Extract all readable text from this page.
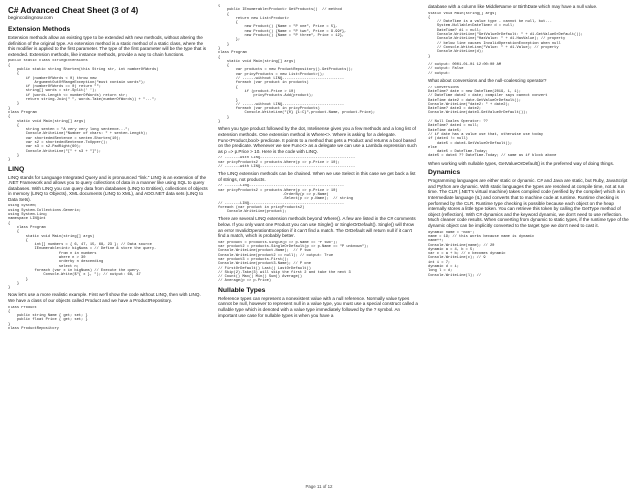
C# Advanced Cheat Sheet (3 of 4)
begincodingnow.com
Extension Methods
Extension methods allow an existing type to be extended with new methods, without altering the definition of the original type. An extension method is a static method of a static class, where the this modifier is applied to the first parameter. The type of the first parameter will be the type that is extended. Extension methods, like instance methods, provide a way to chain functions.
public static class StringExtensions
{
public static string Shorten(this String str, int numberOfWords)
{
if (numberOfWords < 0) throw new
ArgumentOutOfRangeException("must contain words");
if (numberOfWords == 0) return "";
string[] words = str.Split(' ');
if (words.Length <= numberOfWords) return str;
return string.Join(" ", words.Take(numberOfWords)) + "...";
}
}
class Program
{
static void Main(string[] args)
{
string senten = "A very very long sentence...";
Console.WriteLine("Number of chars: " + senten.Length);
var shortededSentence = senten.Shorten(10);
var s2 = shortededSentence.ToUpper();
var s3 = s2.PadRight(60);
Console.WriteLine("[" + s3 + "]");
}
}
LINQ
LINQ stands for Language Integrated Query and is pronounced "link." LINQ is an extension of the .NET Framework and allows you to query collections of data in a manner like using SQL to query databases. With LINQ you can query data from databases (LINQ to Entities), collections of objects in memory (LINQ to Objects), XML documents (LINQ to XML), and ADO.NET data sets (LINQ to Data Sets).
using System;
using System.Collections.Generic;
using System.Linq;
namespace LINQint
{
class Program
{
static void Main(string[] args)
{
int[] numbers = { 6, 47, 15, 68, 23 }; // Data source
IEnumerable<int> bigNums = // Define & store the query.
from n in numbers
where n > 30
orderby n descending
select n;
foreach (var x in bigNums) // Execute the query.
Console.Write($"{ x }, "); // output: 68, 47
}
}
}
Now let's use a more realistic example. First we'll show the code without LINQ, then with LINQ. We have a class of our objects called Product and we have a ProductRepository.
class Product
{
public string Name { get; set; }
public float Price { get; set; }
}
class ProductRepository
{
public IEnumerable<Product> GetProducts()  // method
{
return new List<Product>
{
new Product() {Name = "P one", Price = 5},
new Product() {Name = "P two", Price = 9.99f},
new Product() {Name = "P three", Price = 12},
};
}
}
class Program
{
static void Main(string[] args)
{
var products = new ProductRepository().GetProducts();
var pricyProducts = new List<Product>();
// ------without LINQ----------------------------
foreach (var product in products)
{
if (product.Price > 10)
pricyProducts.Add(product);
}
// ------without LINQ----------------------------
foreach (var product in pricyProducts)
Console.WriteLine("{0} {1:C}",product.Name, product.Price);
}
}
When you type product followed by the dot, Intelisense gives you a few methods and a long list of extension methods. One extension method is Where<>. Where is asking for a delegate. Func<Product,bool> predicate. It points to a method that gets a Product and returns a bool based on the predicate. Whenever we see Func<> as a delegate we can use a Lambda expression such as p => p.Price > 10. Here is the code with LINQ.
// -------with LINQ-------------------------------------------
var pricyProducts2 = products.Where(p => p.Price > 10);
// -------with LINQ-------------------------------------------
The LINQ extension methods can be chained. When we use Select in this case we get back a list of strings, not products.
// -------LINQ-------------------------------------------
var pricyProducts2 = products.Where(p => p.Price > 10)
.OrderBy(p => p.Name)
.Select(p => p.Name);  // string
// -------LINQ-------------------------------------------
foreach (var product in pricyProducts2)
Console.WriteLine(product);
There are several LINQ extension methods beyond Where(). A few are listed in the C# comments below. If you only want one Product you can use Single() or SingleOrDefault(). Single() will throw an error InvalidOperationException if it can't find a match. The OrDefault will return null if it can't find a match, which is probably better.
var product = products.Single(p => p.Name == "P two");
var product2 = products.SingleOrDefault(p => p.Name == "P unknown");
Console.WriteLine(product.Name);  // P two
Console.WriteLine(product2 == null); // output: True
var product3 = products.First();
Console.WriteLine(product3.Name); // P one
// FirstOrDefault() Last() LastOrDefault()
// Skip(2).Take(3) will skip the first 2 and take the next 3
// Count() Max() Min() Sum() Average()
// Average(p => p.Price)
Nullable Types
Reference types can represent a nonexistent value with a null reference. Normally value types cannot be null, however to represent null in a value type, you must use a special construct called a nullable type which is denoted with a value type immediately followed by the ? symbol. An important use case for nullable types is when you have a
database with a column like MiddleName or BirthDate which may have a null value.
static void Main(string[] args)
{
// DateTime is a value type - cannot be null, but...
System.Nullable<DateTime> d = null;
DateTime? d1 = null;
Console.WriteLine("GetValueOrDefault: " + d1.GetValueOrDefault());
Console.WriteLine("HasValue: " + d1.HasValue); // property
// below line causes InvalidOperationException when null
// Console.WriteLine("Value: " + d1.Value); // property
Console.WriteLine(d);
}

// output: 0001-01-01 12:00:00 AM
// output: False
// output:
What about conversions and the null-coalescing operator?
// Conversions
DateTime? date = new DateTime(2019, 1, 1);
// DateTime date2 = date; compiler says cannot convert
DateTime date2 = date.GetValueOrDefault();
Console.WriteLine("date2: " + date2);
DateTime? date3 = date2;
Console.WriteLine(date3.GetValueOrDefault());

// Null Coales Operator: ??
DateTime? date4 = null;
DateTime date5;
// if date has a value use that, otherwise use today
if (date4 != null)
date5 = date4.GetValueOrDefault();
else
date5 = DateTime.Today;
date5 = date4 ?? DateTime.Today; // same as if block above
When working with nullable types, GetValueOrDefault() is the preferred way of doing things.
Dynamics
Programming languages are either static or dynamic. C# and Java are static, but Ruby, JavaScript and Python are dynamic. With static languages the types are resolved at compile time, not at run time. The CLR (.NET's virtual machine) takes compiled code (verified by the compiler) which is in Intermediate language (IL) and converts that to machine code at runtime. Runtime checking is performed by the CLR. Runtime type checking is possible because each object on the heap internally stores a little type token. You can retrieve this token by calling the GetType method of object (reflection). With C# dynamics and the keyword dynamic, we don't need to use reflection. Much cleaner code results. When converting from dynamic to static types, if the runtime type of the dynamic object can be implicitly converted to the target type we don't need to cast it.
dynamic name = "Bob";
name = 19; // this works because name is dynamic
name++;
Console.WriteLine(name); // 20
dynamic a = 4, b = 5;
var c = a + b; // c becomes dynamic
Console.WriteLine(c); // 9
int i = 7;
dynamic d = i;
long l = d;
Console.WriteLine(l); //
Page 11 of 12
